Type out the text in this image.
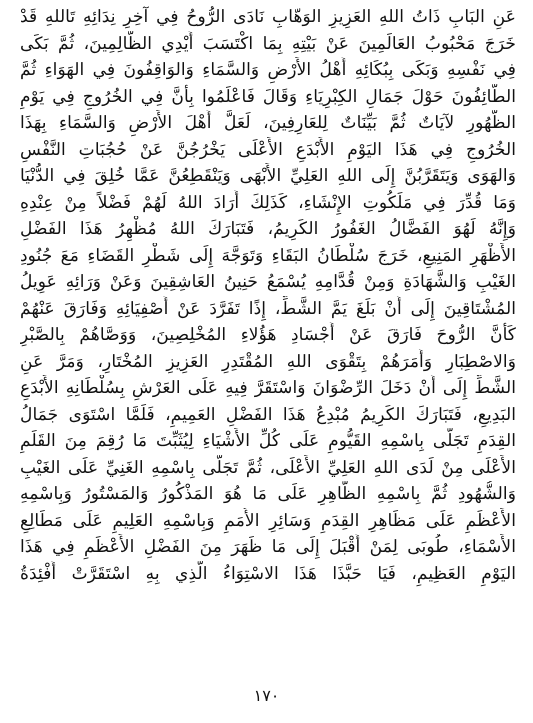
عَنِ البَابِ ذَاتُ اللهِ العَزِيزِ الوَهّابِ نَادَى الرُّوحُ فِي آخِرِ نِدَائِهِ تَاللهِ قَدْ
خَرَجَ مَحْبُوبُ العَالَمِينَ عَنْ بَيْتِهِ بِمَا اكْتَسَبَ أَيْدِي الظَّالِمِينَ، ثُمَّ بَكَى
فِي نَفْسِهِ وَبَكَى بِبُكَائِهِ أَهْلُ الأَرْضِ وَالسَّمَاءِ وَالوَاقِفُونَ فِي الهَوَاءِ ثُمَّ
الطَّائِفُونَ حَوْلَ جَمَالِ الكِبْرِيَاءِ وَقَالَ فَاعْلَمُوا بِأَنَّ فِي الخُرُوجِ فِي يَوْمِ
الظُّهُورِ لآيَاتٌ ثُمَّ بَيِّنَاتٌ لِلعَارِفِينَ، لَعَلَّ أَهْلَ الأَرْضِ وَالسَّمَاءِ بِهَذَا
الخُرُوجِ فِي هَذَا اليَوْمِ الأَبْدَعِ الأَعْلَى يَخْرُجُنَّ عَنْ حُجُبَاتِ النَّفْسِ
وَالهَوَى وَيَتَقَرَّبُنَّ إِلَى اللهِ العَلِيِّ الأَبْهَى وَيَنْقَطِعُنَّ عَمَّا خُلِقَ فِي الدُّنْيَا
وَمَا قُدِّرَ فِي مَلَكُوتِ الإِنْشَاءِ، كَذَلِكَ أَرَادَ اللهُ لَهُمْ فَضْلاً مِنْ عِنْدِهِ
وَإِنَّهُ لَهُوَ الفَضَّالُ الغَفُورُ الكَرِيمُ، فَتَبَارَكَ اللهُ مُظْهِرُ هَذَا الفَضْلِ
الأَظْهَرِ المَنِيعِ، خَرَجَ سُلْطَانُ البَقَاءِ وَتَوَجَّهَ إِلَى شَطْرِ القَضَاءِ مَعَ جُنُودِ
الغَيْبِ وَالشَّهَادَةِ وَمِنْ قُدَّامِهِ يُسْمَعُ حَنِينُ العَاشِقِينَ وَعَنْ وَرَائِهِ عَوِيلُ
المُشْتَاقِينَ إِلَى أَنْ بَلَغَ يَمَّ الشَّطِّ، إِذًا تَفَرَّدَ عَنْ أَصْفِيَائِهِ وَفَارَقَ عَنْهُمْ
كَأَنَّ الرُّوحَ فَارَقَ عَنْ أَجْسَادِ هَؤُلاءِ المُخْلِصِينَ، وَوَصَّاهُمْ بِالصَّبْرِ
وَالاصْطِبَارِ وَأَمَرَهُمْ بِتَقْوَى اللهِ المُقْتَدِرِ العَزِيزِ المُخْتَارِ، وَمَرَّ عَنِ
الشَّطِّ إِلَى أَنْ دَخَلَ الرِّضْوَانَ وَاسْتَقَرَّ فِيهِ عَلَى العَرْشِ بِسُلْطَانِهِ الأَبْدَعِ
البَدِيعِ، فَتَبَارَكَ الكَرِيمُ مُبْدِعُ هَذَا الفَضْلِ العَمِيمِ، فَلَمَّا اسْتَوَى جَمَالُ
القِدَمِ تَجَلَّى بِاسْمِهِ القَيُّومِ عَلَى كُلِّ الأَشْيَاءِ لِيُثَبِّتَ مَا رُقِمَ مِنَ القَلَمِ
الأَعْلَى مِنْ لَدَى اللهِ العَلِيِّ الأَعْلَى، ثُمَّ تَجَلَّى بِاسْمِهِ الغَنِيِّ عَلَى الغَيْبِ
وَالشُّهُودِ ثُمَّ بِاسْمِهِ الظَّاهِرِ عَلَى مَا هُوَ المَذْكُورُ وَالمَسْتُورُ وَبِاسْمِهِ
الأَعْظَمِ عَلَى مَظَاهِرِ القِدَمِ وَسَائِرِ الأُمَمِ وَبِاسْمِهِ العَلِيمِ عَلَى مَطَالِعِ
الأَسْمَاءِ، طُوبَى لِمَنْ أَقْبَلَ إِلَى مَا ظَهَرَ مِنَ الفَضْلِ الأَعْظَمِ فِي هَذَا
اليَوْمِ العَظِيمِ، فَيَا حَبَّذَا هَذَا الاسْتِوَاءُ الَّذِي بِهِ اسْتَقَرَّتْ أَفْئِدَةُ
١٧٠
